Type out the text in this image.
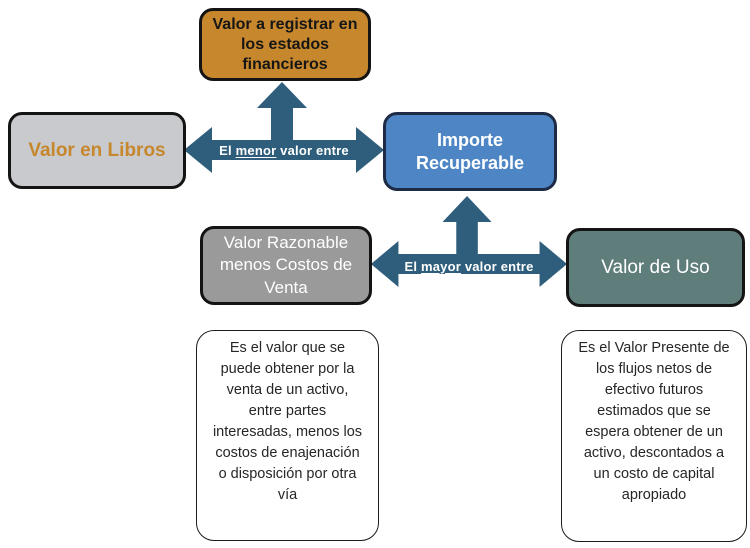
Valor a registrar en los estados financieros
Valor en Libros	Importe Recuperable
Valor Razonable menos Costos de Venta
Valor de Uso
El menor valor entre
El mayor valor entre
Es el valor que se puede obtener por la venta de un activo, entre partes interesadas, menos los costos de enajenación o disposición por otra vía
Es el Valor Presente de los flujos netos de efectivo futuros estimados que se espera obtener de un activo, descontados a un costo de capital apropiado
